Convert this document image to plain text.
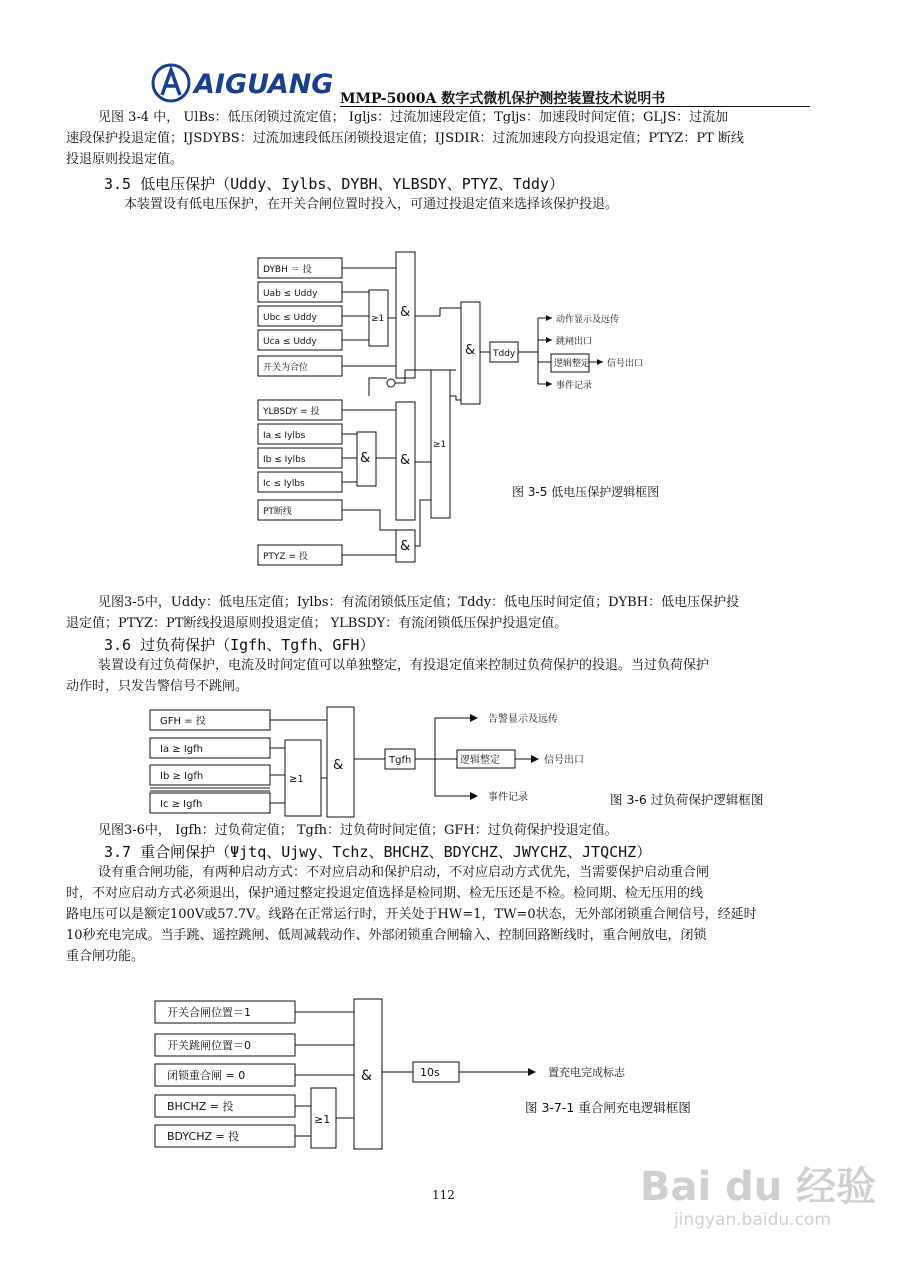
AIGUANG MMP-5000A 数字式微机保护测控装置技术说明书
见图 3-4 中， UlBs：低压闭锁过流定值； Igljs：过流加速段定值；Tgljs：加速段时间定值；GLJS：过流加
速段保护投退定值；IJSDYBS：过流加速段低压闭锁投退定值；IJSDIR：过流加速段方向投退定值；PTYZ：PT 断线
投退原则投退定值。
3.5 低电压保护（Uddy、Iylbs、DYBH、YLBSDY、PTYZ、Tddy）
本装置设有低电压保护，在开关合闸位置时投入，可通过投退定值来选择该保护投退。
DYBH ＝ 投
Uab ≤ Uddy
Ubc ≤ Uddy
Uca ≤ Uddy
开关为合位
YLBSDY = 投
Ia ≤ Iylbs
Ib ≤ Iylbs
Ic ≤ Iylbs
PT断线
PTYZ = 投
Tddy
逻辑整定
动作显示及远传
跳闸出口
信号出口
事件记录
≥1
≥1
&
&
& &
&
图 3-5 低电压保护逻辑框图
见图3-5中，Uddy：低电压定值；Iylbs：有流闭锁低压定值；Tddy：低电压时间定值；DYBH：低电压保护投
退定值；PTYZ：PT断线投退原则投退定值； YLBSDY：有流闭锁低压保护投退定值。
3.6 过负荷保护（Igfh、Tgfh、GFH）
装置设有过负荷保护，电流及时间定值可以单独整定，有投退定值来控制过负荷保护的投退。当过负荷保护
动作时，只发告警信号不跳闸。
GFH = 投
Ia ≥ Igfh
Ib ≥ Igfh
Ic ≥ Igfh
≥1
Tgfh	逻辑整定
告警显示及远传
信号出口
事件记录
&
图 3-6 过负荷保护逻辑框图
见图3-6中， Igfh：过负荷定值； Tgfh：过负荷时间定值；GFH：过负荷保护投退定值。
3.7 重合闸保护（Ψjtq、Ujwy、Tchz、BHCHZ、BDYCHZ、JWYCHZ、JTQCHZ）
设有重合闸功能，有两种启动方式：不对应启动和保护启动，不对应启动方式优先，当需要保护启动重合闸
时，不对应启动方式必须退出，保护通过整定投退定值选择是检同期、检无压还是不检。检同期、检无压用的线
路电压可以是额定100V或57.7V。线路在正常运行时，开关处于HW=1，TW=0状态，无外部闭锁重合闸信号，经延时
10秒充电完成。当手跳、遥控跳闸、低周减载动作、外部闭锁重合闸输入、控制回路断线时，重合闸放电，闭锁
重合闸功能。
开关合闸位置＝1
开关跳闸位置＝0
闭锁重合闸 = 0
BHCHZ = 投
BDYCHZ = 投
≥1
10s	置充电完成标志
&
图 3-7-1 重合闸充电逻辑框图
112	Bai du 经验
jingyan.baidu.com
